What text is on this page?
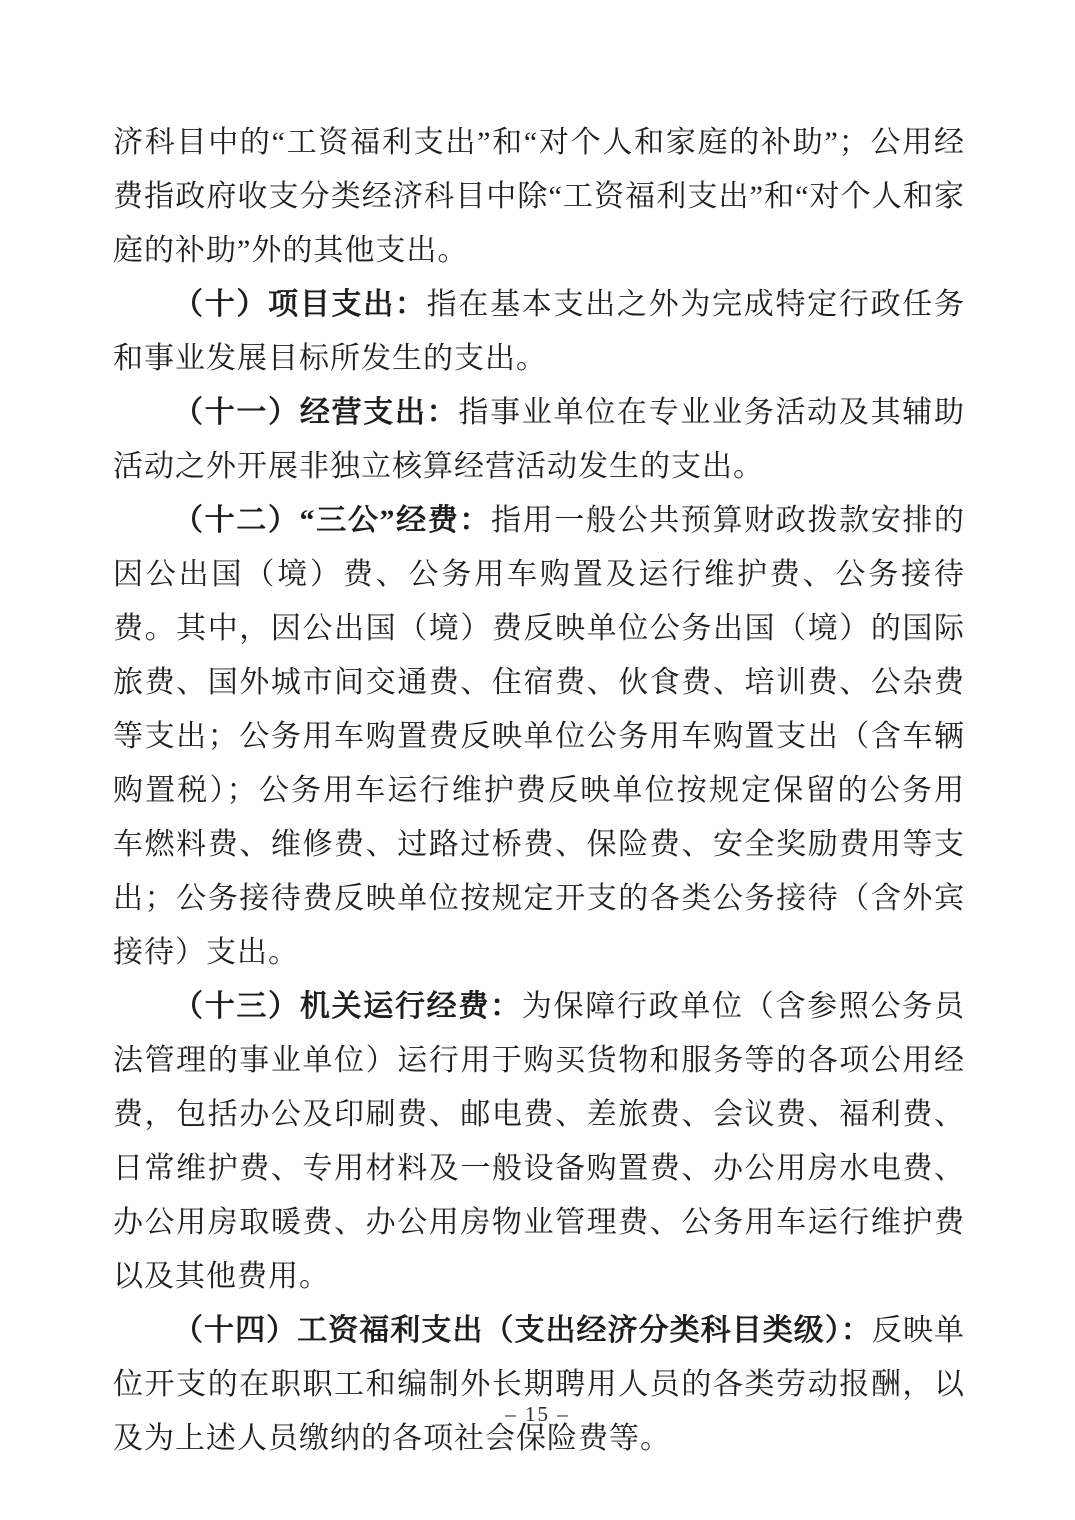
济科目中的“工资福利支出”和“对个人和家庭的补助”；公用经费指政府收支分类经济科目中除“工资福利支出”和“对个人和家庭的补助”外的其他支出。

（十）项目支出：指在基本支出之外为完成特定行政任务和事业发展目标所发生的支出。

（十一）经营支出：指事业单位在专业业务活动及其辅助活动之外开展非独立核算经营活动发生的支出。

（十二）“三公”经费：指用一般公共预算财政拨款安排的因公出国（境）费、公务用车购置及运行维护费、公务接待费。其中，因公出国（境）费反映单位公务出国（境）的国际旅费、国外城市间交通费、住宿费、伙食费、培训费、公杂费等支出；公务用车购置费反映单位公务用车购置支出（含车辆购置税）；公务用车运行维护费反映单位按规定保留的公务用车燃料费、维修费、过路过桥费、保险费、安全奖励费用等支出；公务接待费反映单位按规定开支的各类公务接待（含外宾接待）支出。

（十三）机关运行经费：为保障行政单位（含参照公务员法管理的事业单位）运行用于购买货物和服务等的各项公用经费，包括办公及印刷费、邮电费、差旅费、会议费、福利费、日常维护费、专用材料及一般设备购置费、办公用房水电费、办公用房取暖费、办公用房物业管理费、公务用车运行维护费以及其他费用。

（十四）工资福利支出（支出经济分类科目类级）：反映单位开支的在职职工和编制外长期聘用人员的各类劳动报酬，以及为上述人员缴纳的各项社会保险费等。

– 15 –
